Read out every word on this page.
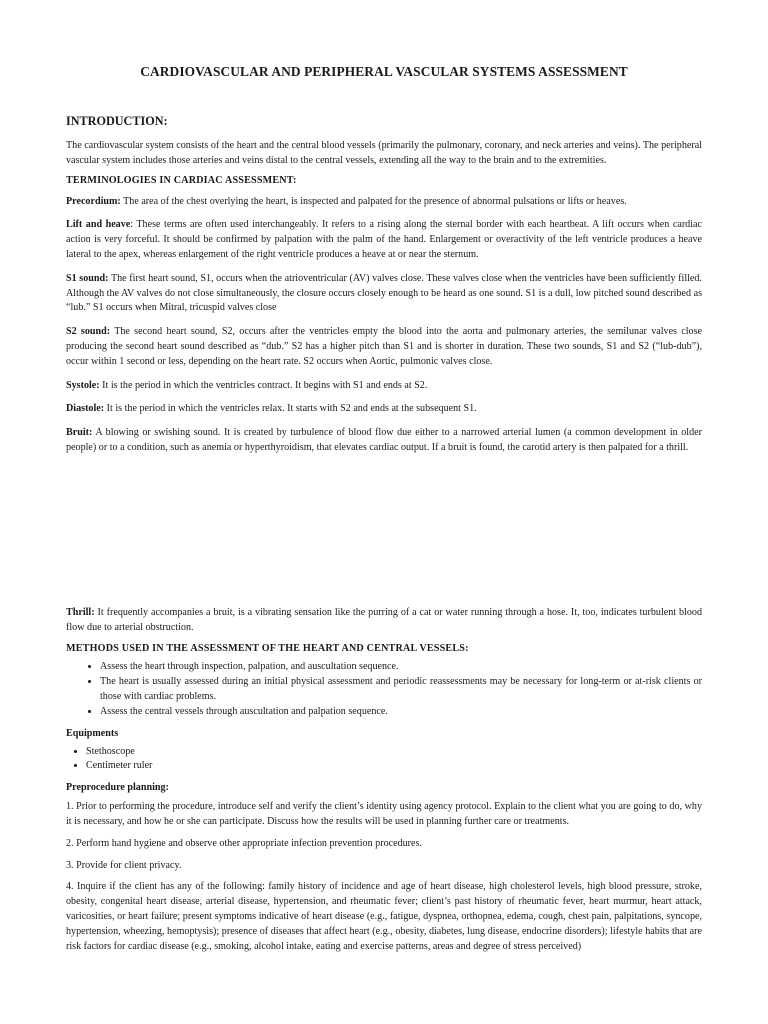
CARDIOVASCULAR AND PERIPHERAL VASCULAR SYSTEMS ASSESSMENT
INTRODUCTION:

The cardiovascular system consists of the heart and the central blood vessels (primarily the pulmonary, coronary, and neck arteries and veins). The peripheral vascular system includes those arteries and veins distal to the central vessels, extending all the way to the brain and to the extremities.

TERMINOLOGIES IN CARDIAC ASSESSMENT:

Precordium: The area of the chest overlying the heart, is inspected and palpated for the presence of abnormal pulsations or lifts or heaves.

Lift and heave: These terms are often used interchangeably. It refers to a rising along the sternal border with each heartbeat. A lift occurs when cardiac action is very forceful. It should be confirmed by palpation with the palm of the hand. Enlargement or overactivity of the left ventricle produces a heave lateral to the apex, whereas enlargement of the right ventricle produces a heave at or near the sternum.

S1 sound: The first heart sound, S1, occurs when the atrioventricular (AV) valves close. These valves close when the ventricles have been sufficiently filled. Although the AV valves do not close simultaneously, the closure occurs closely enough to be heard as one sound. S1 is a dull, low pitched sound described as “lub.” S1 occurs when Mitral, tricuspid valves close

S2 sound: The second heart sound, S2, occurs after the ventricles empty the blood into the aorta and pulmonary arteries, the semilunar valves close producing the second heart sound described as “dub.” S2 has a higher pitch than S1 and is shorter in duration. These two sounds, S1 and S2 (“lub-dub”), occur within 1 second or less, depending on the heart rate. S2 occurs when Aortic, pulmonic valves close.

Systole: It is the period in which the ventricles contract. It begins with S1 and ends at S2.

Diastole: It is the period in which the ventricles relax. It starts with S2 and ends at the subsequent S1.

Bruit: A blowing or swishing sound. It is created by turbulence of blood flow due either to a narrowed arterial lumen (a common development in older people) or to a condition, such as anemia or hyperthyroidism, that elevates cardiac output. If a bruit is found, the carotid artery is then palpated for a thrill.

Thrill: It frequently accompanies a bruit, is a vibrating sensation like the purring of a cat or water running through a hose. It, too, indicates turbulent blood flow due to arterial obstruction.

METHODS USED IN THE ASSESSMENT OF THE HEART AND CENTRAL VESSELS:
• Assess the heart through inspection, palpation, and auscultation sequence.
• The heart is usually assessed during an initial physical assessment and periodic reassessments may be necessary for long-term or at-risk clients or those with cardiac problems.
• Assess the central vessels through auscultation and palpation sequence.
Equipments
• Stethoscope
• Centimeter ruler
Preprocedure planning:

1. Prior to performing the procedure, introduce self and verify the client’s identity using agency protocol. Explain to the client what you are going to do, why it is necessary, and how he or she can participate. Discuss how the results will be used in planning further care or treatments.

2. Perform hand hygiene and observe other appropriate infection prevention procedures.

3. Provide for client privacy.

4. Inquire if the client has any of the following: family history of incidence and age of heart disease, high cholesterol levels, high blood pressure, stroke, obesity, congenital heart disease, arterial disease, hypertension, and rheumatic fever; client’s past history of rheumatic fever, heart murmur, heart attack, varicosities, or heart failure; present symptoms indicative of heart disease (e.g., fatigue, dyspnea, orthopnea, edema, cough, chest pain, palpitations, syncope, hypertension, wheezing, hemoptysis); presence of diseases that affect heart (e.g., obesity, diabetes, lung disease, endocrine disorders); lifestyle habits that are risk factors for cardiac disease (e.g., smoking, alcohol intake, eating and exercise patterns, areas and degree of stress perceived)
